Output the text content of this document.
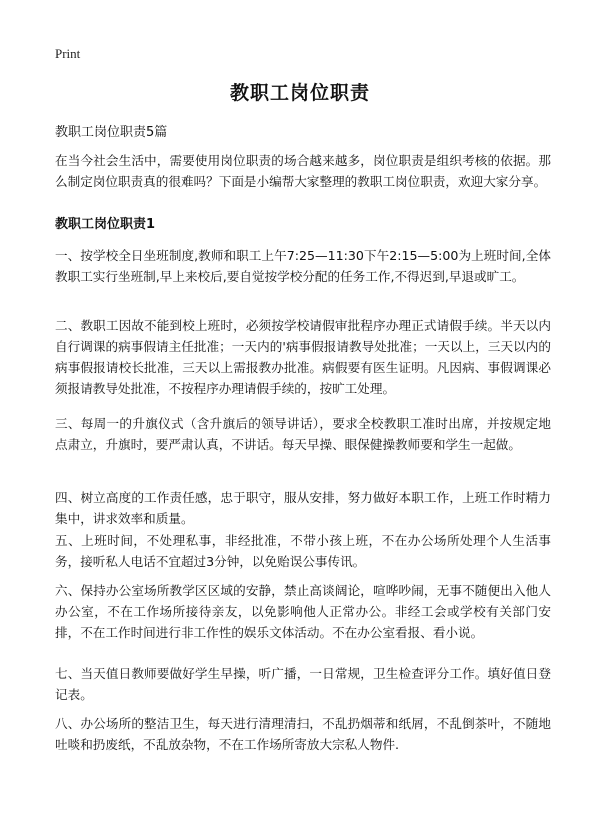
Print
教职工岗位职责

教职工岗位职责5篇

在当今社会生活中，需要使用岗位职责的场合越来越多，岗位职责是组织考核的依据。那么制定岗位职责真的很难吗？下面是小编帮大家整理的教职工岗位职责，欢迎大家分享。

教职工岗位职责1

一、按学校全日坐班制度,教师和职工上午7:25—11:30下午2:15—5:00为上班时间,全体教职工实行坐班制,早上来校后,要自觉按学校分配的任务工作,不得迟到,早退或旷工。

二、教职工因故不能到校上班时，必须按学校请假审批程序办理正式请假手续。半天以内自行调课的病事假请主任批准；一天内的'病事假报请教导处批准；一天以上，三天以内的病事假报请校长批准，三天以上需报教办批准。病假要有医生证明。凡因病、事假调课必须报请教导处批准，不按程序办理请假手续的，按旷工处理。

三、每周一的升旗仪式（含升旗后的领导讲话），要求全校教职工准时出席，并按规定地点肃立，升旗时，要严肃认真，不讲话。每天早操、眼保健操教师要和学生一起做。

四、树立高度的工作责任感，忠于职守，服从安排，努力做好本职工作，上班工作时精力集中，讲求效率和质量。

五、上班时间，不处理私事，非经批准，不带小孩上班，不在办公场所处理个人生活事务，接听私人电话不宜超过3分钟，以免贻误公事传讯。

六、保持办公室场所教学区区域的安静，禁止高谈阔论，喧哗吵闹，无事不随便出入他人办公室，不在工作场所接待亲友，以免影响他人正常办公。非经工会或学校有关部门安排，不在工作时间进行非工作性的娱乐文体活动。不在办公室看报、看小说。

七、当天值日教师要做好学生早操，听广播，一日常规，卫生检查评分工作。填好值日登记表。

八、办公场所的整洁卫生，每天进行清理清扫，不乱扔烟蒂和纸屑，不乱倒茶叶，不随地吐啖和扔废纸，不乱放杂物，不在工作场所寄放大宗私人物件.
